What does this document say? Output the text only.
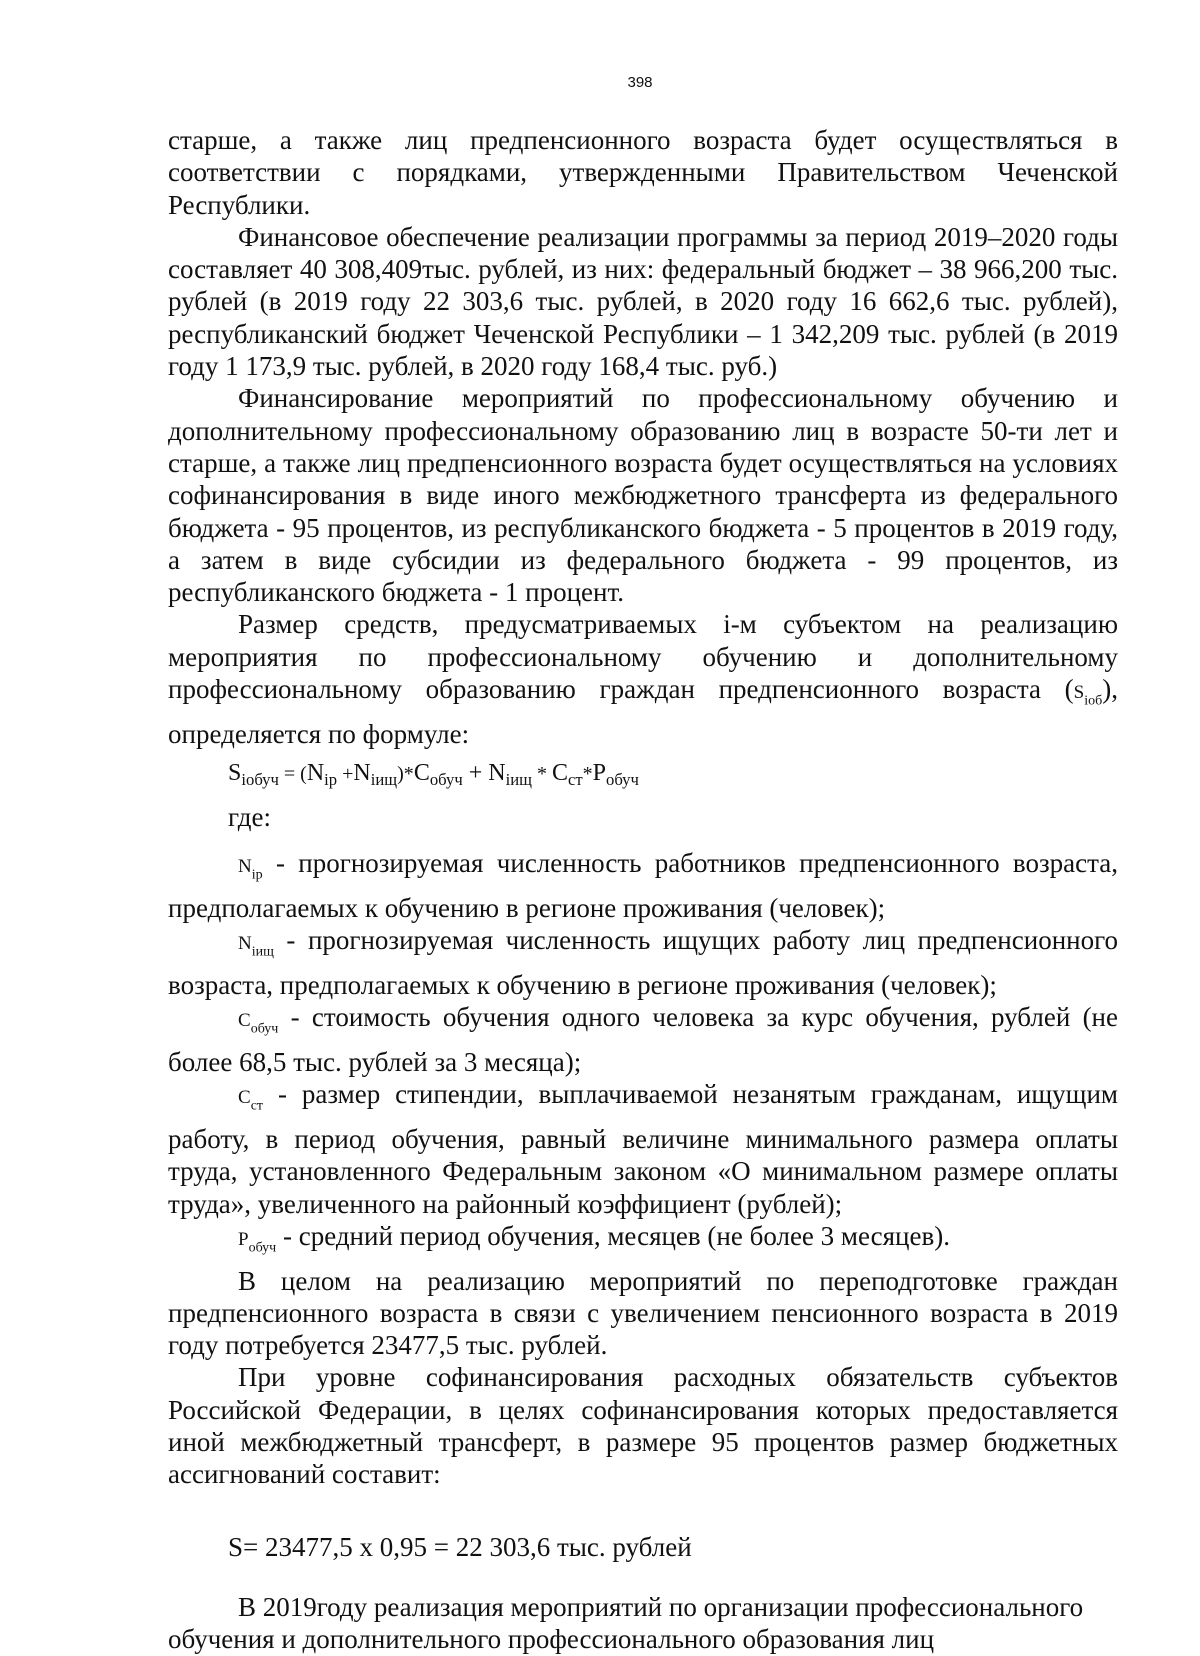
398

старше, а также лиц предпенсионного возраста будет осуществляться в соответствии с порядками, утвержденными Правительством Чеченской Республики.

Финансовое обеспечение реализации программы за период 2019–2020 годы составляет 40 308,409тыс. рублей, из них: федеральный бюджет – 38 966,200 тыс. рублей (в 2019 году 22 303,6 тыс. рублей, в 2020 году 16 662,6 тыс. рублей), республиканский бюджет Чеченской Республики – 1 342,209 тыс. рублей (в 2019 году 1 173,9 тыс. рублей, в 2020 году 168,4 тыс. руб.)

Финансирование мероприятий по профессиональному обучению и дополнительному профессиональному образованию лиц в возрасте 50-ти лет и старше, а также лиц предпенсионного возраста будет осуществляться на условиях софинансирования в виде иного межбюджетного трансферта из федерального бюджета - 95 процентов, из республиканского бюджета - 5 процентов в 2019 году, а затем в виде субсидии из федерального бюджета - 99 процентов, из республиканского бюджета - 1 процент.

Размер средств, предусматриваемых i-м субъектом на реализацию мероприятия по профессиональному обучению и дополнительному профессиональному образованию граждан предпенсионного возраста $(S_{iоб})$, определяется по формуле:

$S_{iобуч} = (N_{ip} +N_{iищ})*C_{обуч} + N_{iищ} * C_{ст}*P_{обуч}$

где:

$N_{ip}$ - прогнозируемая численность работников предпенсионного возраста, предполагаемых к обучению в регионе проживания (человек);

$N_{iищ}$ - прогнозируемая численность ищущих работу лиц предпенсионного возраста, предполагаемых к обучению в регионе проживания (человек);

$C_{обуч}$ - стоимость обучения одного человека за курс обучения, рублей (не более 68,5 тыс. рублей за 3 месяца);

$C_{ст}$ - размер стипендии, выплачиваемой незанятым гражданам, ищущим работу, в период обучения, равный величине минимального размера оплаты труда, установленного Федеральным законом «О минимальном размере оплаты труда», увеличенного на районный коэффициент (рублей);

$P_{обуч}$ - средний период обучения, месяцев (не более 3 месяцев).

В целом на реализацию мероприятий по переподготовке граждан предпенсионного возраста в связи с увеличением пенсионного возраста в 2019 году потребуется 23477,5 тыс. рублей.

При уровне софинансирования расходных обязательств субъектов Российской Федерации, в целях софинансирования которых предоставляется иной межбюджетный трансферт, в размере 95 процентов размер бюджетных ассигнований составит:

S= 23477,5 х 0,95 = 22 303,6 тыс. рублей

В 2019году реализация мероприятий по организации профессионального

обучения и дополнительного профессионального образования лиц
